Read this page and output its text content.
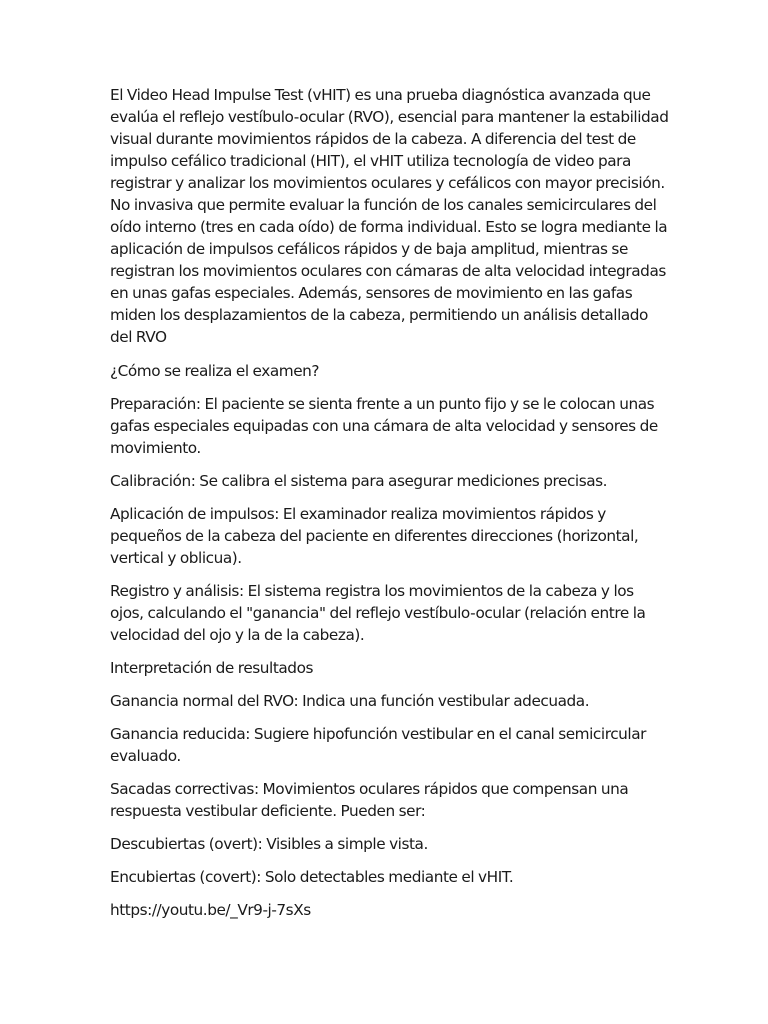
El Video Head Impulse Test (vHIT) es una prueba diagnóstica avanzada que evalúa el reflejo vestíbulo-ocular (RVO), esencial para mantener la estabilidad visual durante movimientos rápidos de la cabeza. A diferencia del test de impulso cefálico tradicional (HIT), el vHIT utiliza tecnología de video para registrar y analizar los movimientos oculares y cefálicos con mayor precisión. No invasiva que permite evaluar la función de los canales semicirculares del oído interno (tres en cada oído) de forma individual. Esto se logra mediante la aplicación de impulsos cefálicos rápidos y de baja amplitud, mientras se registran los movimientos oculares con cámaras de alta velocidad integradas en unas gafas especiales. Además, sensores de movimiento en las gafas miden los desplazamientos de la cabeza, permitiendo un análisis detallado del RVO

¿Cómo se realiza el examen?

Preparación: El paciente se sienta frente a un punto fijo y se le colocan unas gafas especiales equipadas con una cámara de alta velocidad y sensores de movimiento.

Calibración: Se calibra el sistema para asegurar mediciones precisas.

Aplicación de impulsos: El examinador realiza movimientos rápidos y pequeños de la cabeza del paciente en diferentes direcciones (horizontal, vertical y oblicua).

Registro y análisis: El sistema registra los movimientos de la cabeza y los ojos, calculando el "ganancia" del reflejo vestíbulo-ocular (relación entre la velocidad del ojo y la de la cabeza).

Interpretación de resultados

Ganancia normal del RVO: Indica una función vestibular adecuada.

Ganancia reducida: Sugiere hipofunción vestibular en el canal semicircular evaluado.

Sacadas correctivas: Movimientos oculares rápidos que compensan una respuesta vestibular deficiente. Pueden ser:

Descubiertas (overt): Visibles a simple vista.

Encubiertas (covert): Solo detectables mediante el vHIT.

https://youtu.be/_Vr9-j-7sXs
